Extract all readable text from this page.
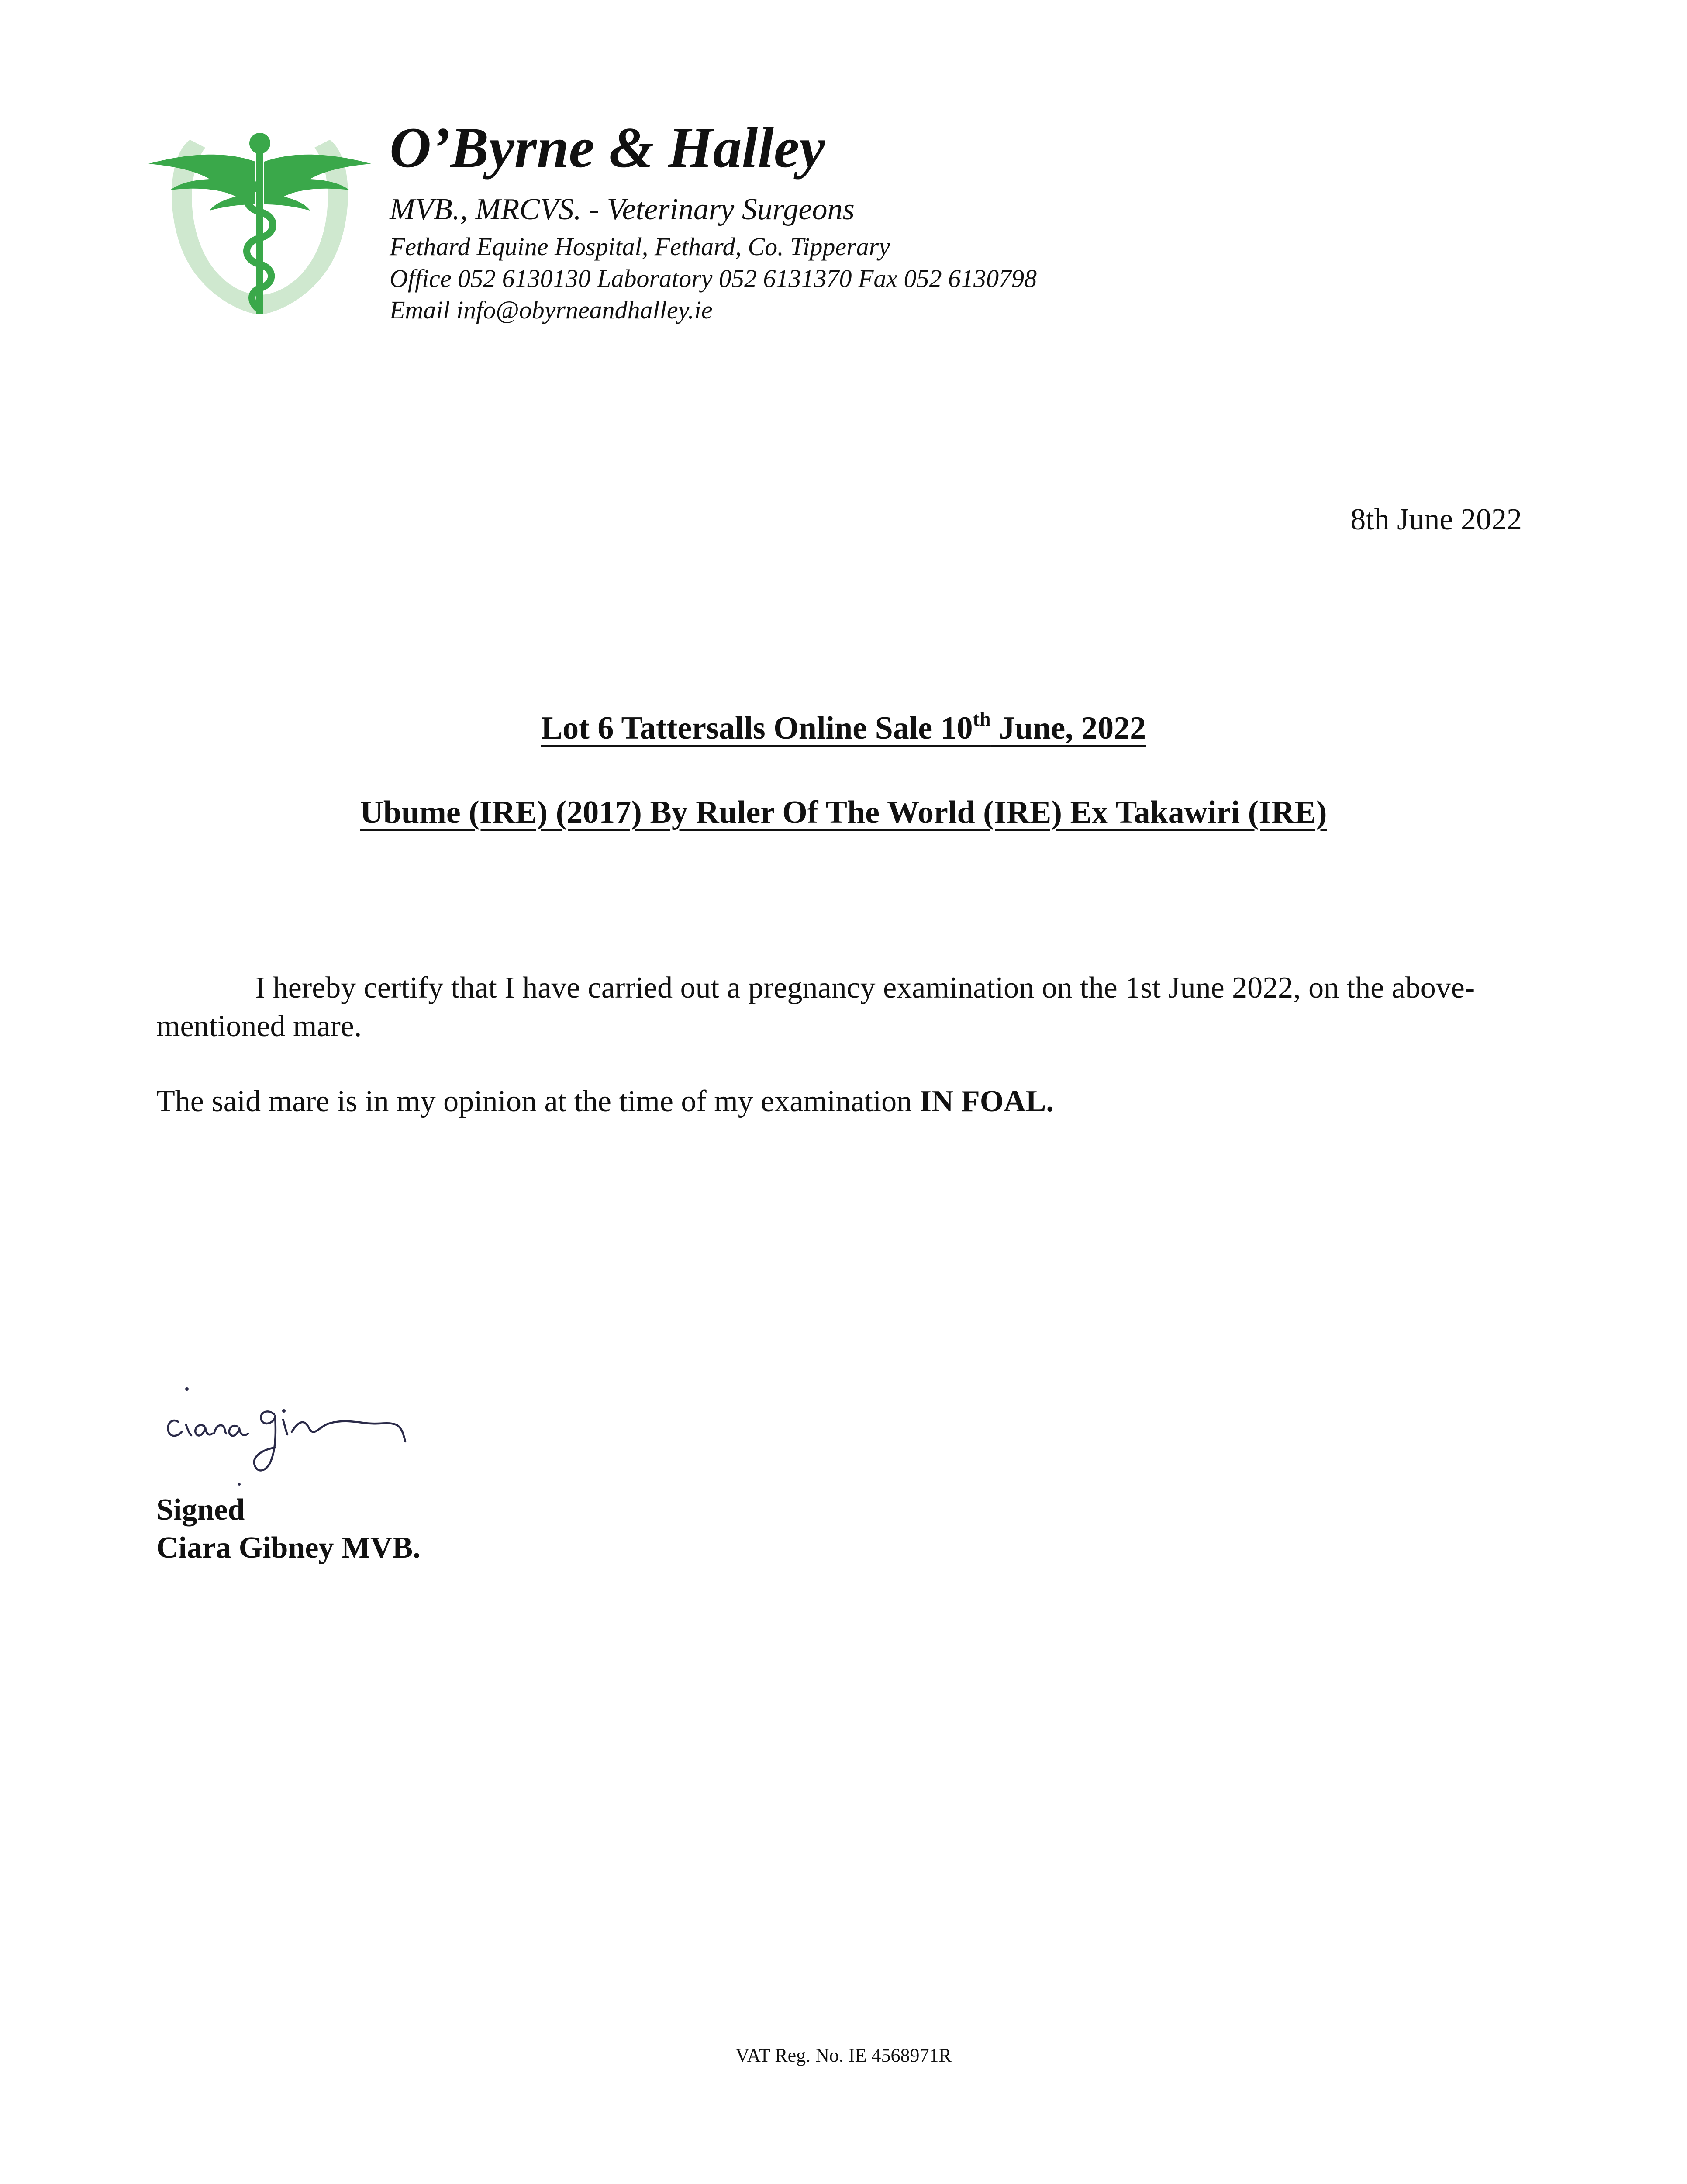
O’Byrne & Halley
MVB., MRCVS. - Veterinary Surgeons
Fethard Equine Hospital, Fethard, Co. Tipperary
Office 052 6130130 Laboratory 052 6131370 Fax 052 6130798
Email info@obyrneandhalley.ie
8th June 2022
Lot 6 Tattersalls Online Sale 10th June, 2022
Ubume (IRE) (2017) By Ruler Of The World (IRE) Ex Takawiri (IRE)
I hereby certify that I have carried out a pregnancy examination on the 1st June 2022, on the above-mentioned mare.
The said mare is in my opinion at the time of my examination IN FOAL.
Signed
Ciara Gibney MVB.
VAT Reg. No. IE 4568971R
